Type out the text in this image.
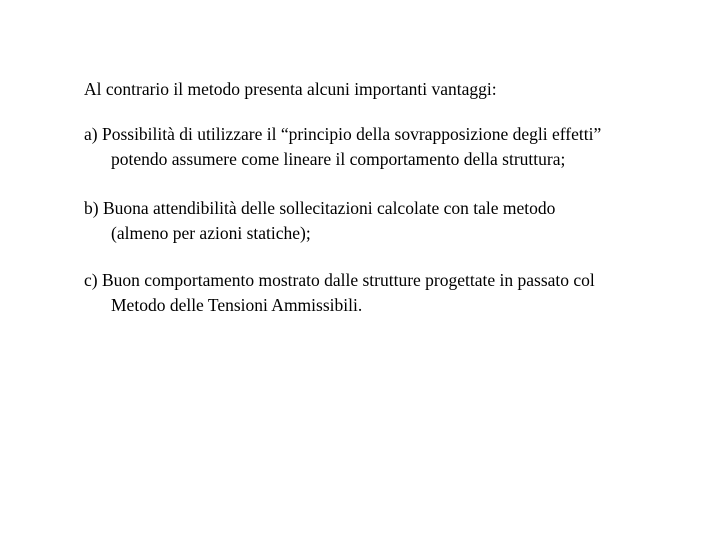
Al contrario il metodo presenta alcuni importanti vantaggi:
a) Possibilità di utilizzare il “principio della sovrapposizione degli effetti”
potendo assumere come lineare il comportamento della struttura;
b) Buona attendibilità delle sollecitazioni calcolate con tale metodo
(almeno per azioni statiche);
c) Buon comportamento mostrato dalle strutture progettate in passato col
Metodo delle Tensioni Ammissibili.
